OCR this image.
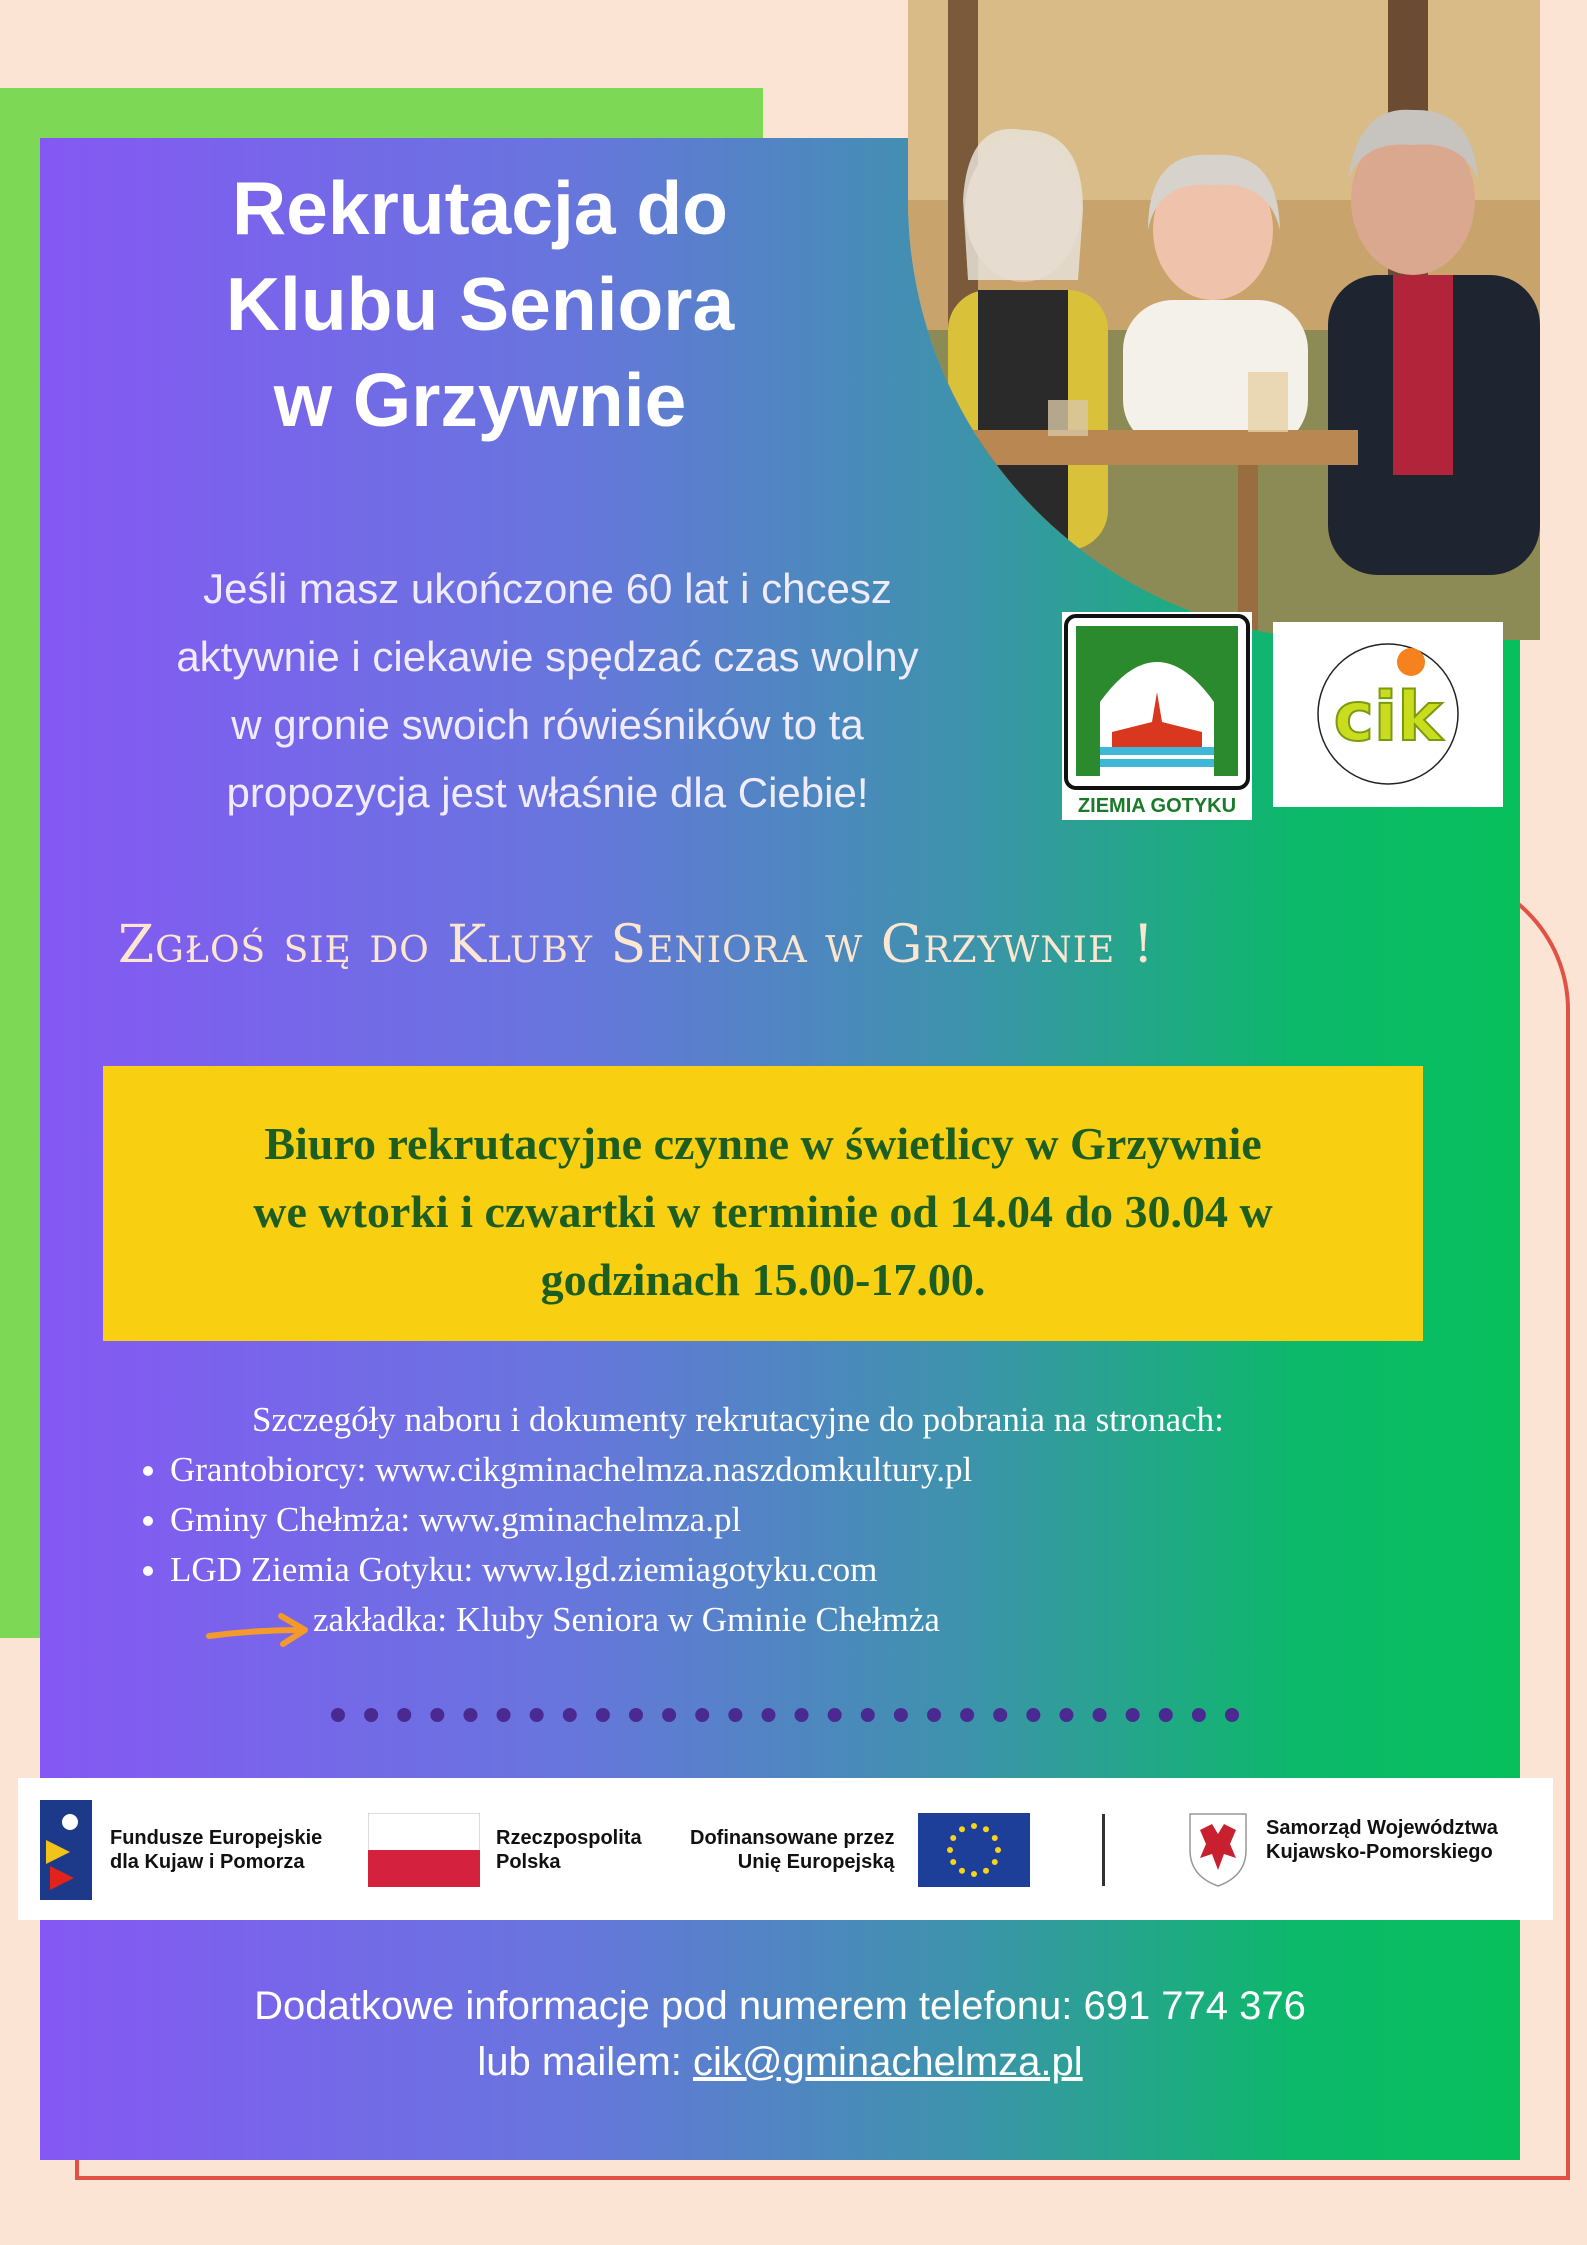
ZIEMIA GOTYKU
cik
Rekrutacja do
Klubu Seniora
w Grzywnie
Jeśli masz ukończone 60 lat i chcesz
aktywnie i ciekawie spędzać czas wolny
w gronie swoich rówieśników to ta
propozycja jest właśnie dla Ciebie!
Zgłoś się do Kluby Seniora w Grzywnie !
Biuro rekrutacyjne czynne w świetlicy w Grzywnie
we wtorki i czwartki w terminie od 14.04 do 30.04 w
godzinach 15.00-17.00.
Szczegóły naboru i dokumenty rekrutacyjne do pobrania na stronach:
• Grantobiorcy: www.cikgminachelmza.naszdomkultury.pl
• Gminy Chełmża: www.gminachelmza.pl
• LGD Ziemia Gotyku: www.lgd.ziemiagotyku.com
zakładka: Kluby Seniora w Gminie Chełmża
Fundusze Europejskie
dla Kujaw i Pomorza
Rzeczpospolita
Polska
Dofinansowane przez
Unię Europejską
Samorząd Województwa
Kujawsko-Pomorskiego
Dodatkowe informacje pod numerem telefonu: 691 774 376
lub mailem: cik@gminachelmza.pl
